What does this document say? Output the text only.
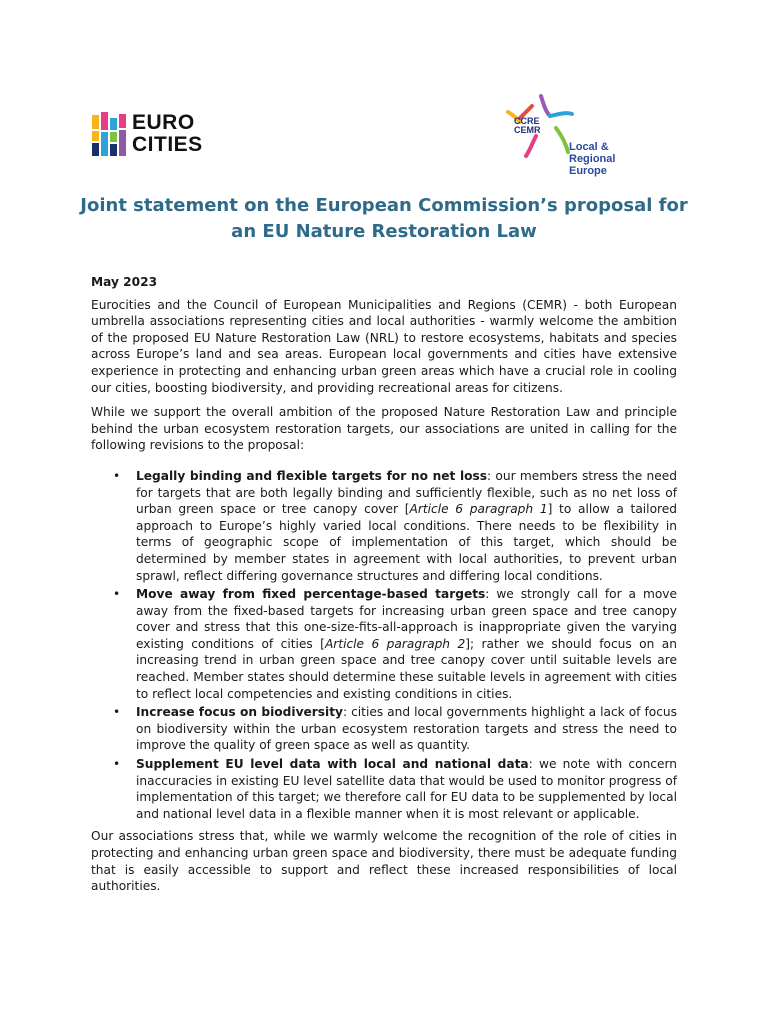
EURO
CITIES
CCRE
CEMR
Local & Regional
Europe
Joint statement on the European Commission’s proposal for
an EU Nature Restoration Law

May 2023

Eurocities and the Council of European Municipalities and Regions (CEMR) - both European umbrella associations representing cities and local authorities - warmly welcome the ambition of the proposed EU Nature Restoration Law (NRL) to restore ecosystems, habitats and species across Europe’s land and sea areas. European local governments and cities have extensive experience in protecting and enhancing urban green areas which have a crucial role in cooling our cities, boosting biodiversity, and providing recreational areas for citizens.

While we support the overall ambition of the proposed Nature Restoration Law and principle behind the urban ecosystem restoration targets, our associations are united in calling for the following revisions to the proposal:

• Legally binding and flexible targets for no net loss: our members stress the need for targets that are both legally binding and sufficiently flexible, such as no net loss of urban green space or tree canopy cover [Article 6 paragraph 1] to allow a tailored approach to Europe’s highly varied local conditions. There needs to be flexibility in terms of geographic scope of implementation of this target, which should be determined by member states in agreement with local authorities, to prevent urban sprawl, reflect differing governance structures and differing local conditions.
• Move away from fixed percentage-based targets: we strongly call for a move away from the fixed-based targets for increasing urban green space and tree canopy cover and stress that this one-size-fits-all-approach is inappropriate given the varying existing conditions of cities [Article 6 paragraph 2]; rather we should focus on an increasing trend in urban green space and tree canopy cover until suitable levels are reached. Member states should determine these suitable levels in agreement with cities to reflect local competencies and existing conditions in cities.
• Increase focus on biodiversity: cities and local governments highlight a lack of focus on biodiversity within the urban ecosystem restoration targets and stress the need to improve the quality of green space as well as quantity.
• Supplement EU level data with local and national data: we note with concern inaccuracies in existing EU level satellite data that would be used to monitor progress of implementation of this target; we therefore call for EU data to be supplemented by local and national level data in a flexible manner when it is most relevant or applicable.

Our associations stress that, while we warmly welcome the recognition of the role of cities in protecting and enhancing urban green space and biodiversity, there must be adequate funding that is easily accessible to support and reflect these increased responsibilities of local authorities.
